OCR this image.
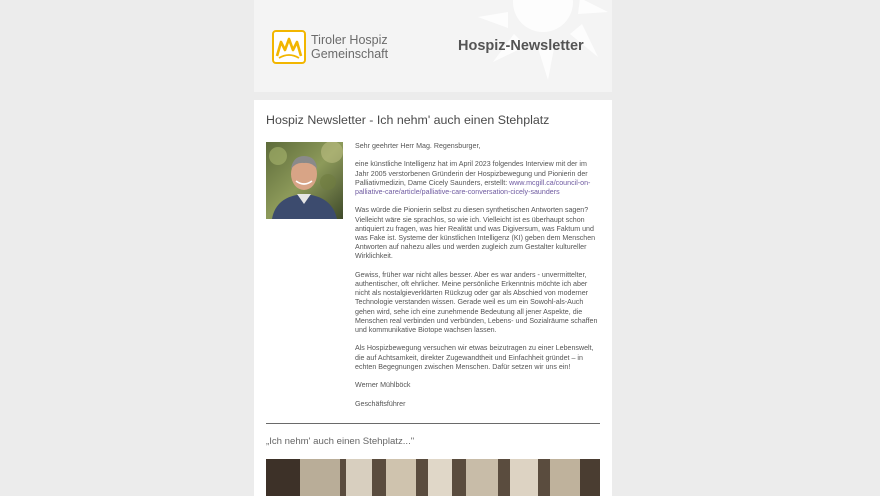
Tiroler Hospiz
Gemeinschaft	Hospiz-Newsletter
Hospiz Newsletter - Ich nehm' auch einen Stehplatz

Sehr geehrter Herr Mag. Regensburger,

eine künstliche Intelligenz hat im April 2023 folgendes Interview mit der im Jahr 2005 verstorbenen Gründerin der Hospizbewegung und Pionierin der Palliativmedizin, Dame Cicely Saunders, erstellt: www.mcgill.ca/council-on-palliative-care/article/palliative-care-conversation-cicely-saunders

Was würde die Pionierin selbst zu diesen synthetischen Antworten sagen? Vielleicht wäre sie sprachlos, so wie ich. Vielleicht ist es überhaupt schon antiquiert zu fragen, was hier Realität und was Digiversum, was Faktum und was Fake ist. Systeme der künstlichen Intelligenz (KI) geben dem Menschen Antworten auf nahezu alles und werden zugleich zum Gestalter kultureller Wirklichkeit.

Gewiss, früher war nicht alles besser. Aber es war anders - unvermittelter, authentischer, oft ehrlicher. Meine persönliche Erkenntnis möchte ich aber nicht als nostalgieverklärten Rückzug oder gar als Abschied von moderner Technologie verstanden wissen. Gerade weil es um ein Sowohl-als-Auch gehen wird, sehe ich eine zunehmende Bedeutung all jener Aspekte, die Menschen real verbinden und verbünden, Lebens- und Sozialräume schaffen und kommunikative Biotope wachsen lassen.

Als Hospizbewegung versuchen wir etwas beizutragen zu einer Lebenswelt, die auf Achtsamkeit, direkter Zugewandtheit und Einfachheit gründet – in echten Begegnungen zwischen Menschen. Dafür setzen wir uns ein!

Werner Mühlböck

Geschäftsführer

„Ich nehm' auch einen Stehplatz..."
